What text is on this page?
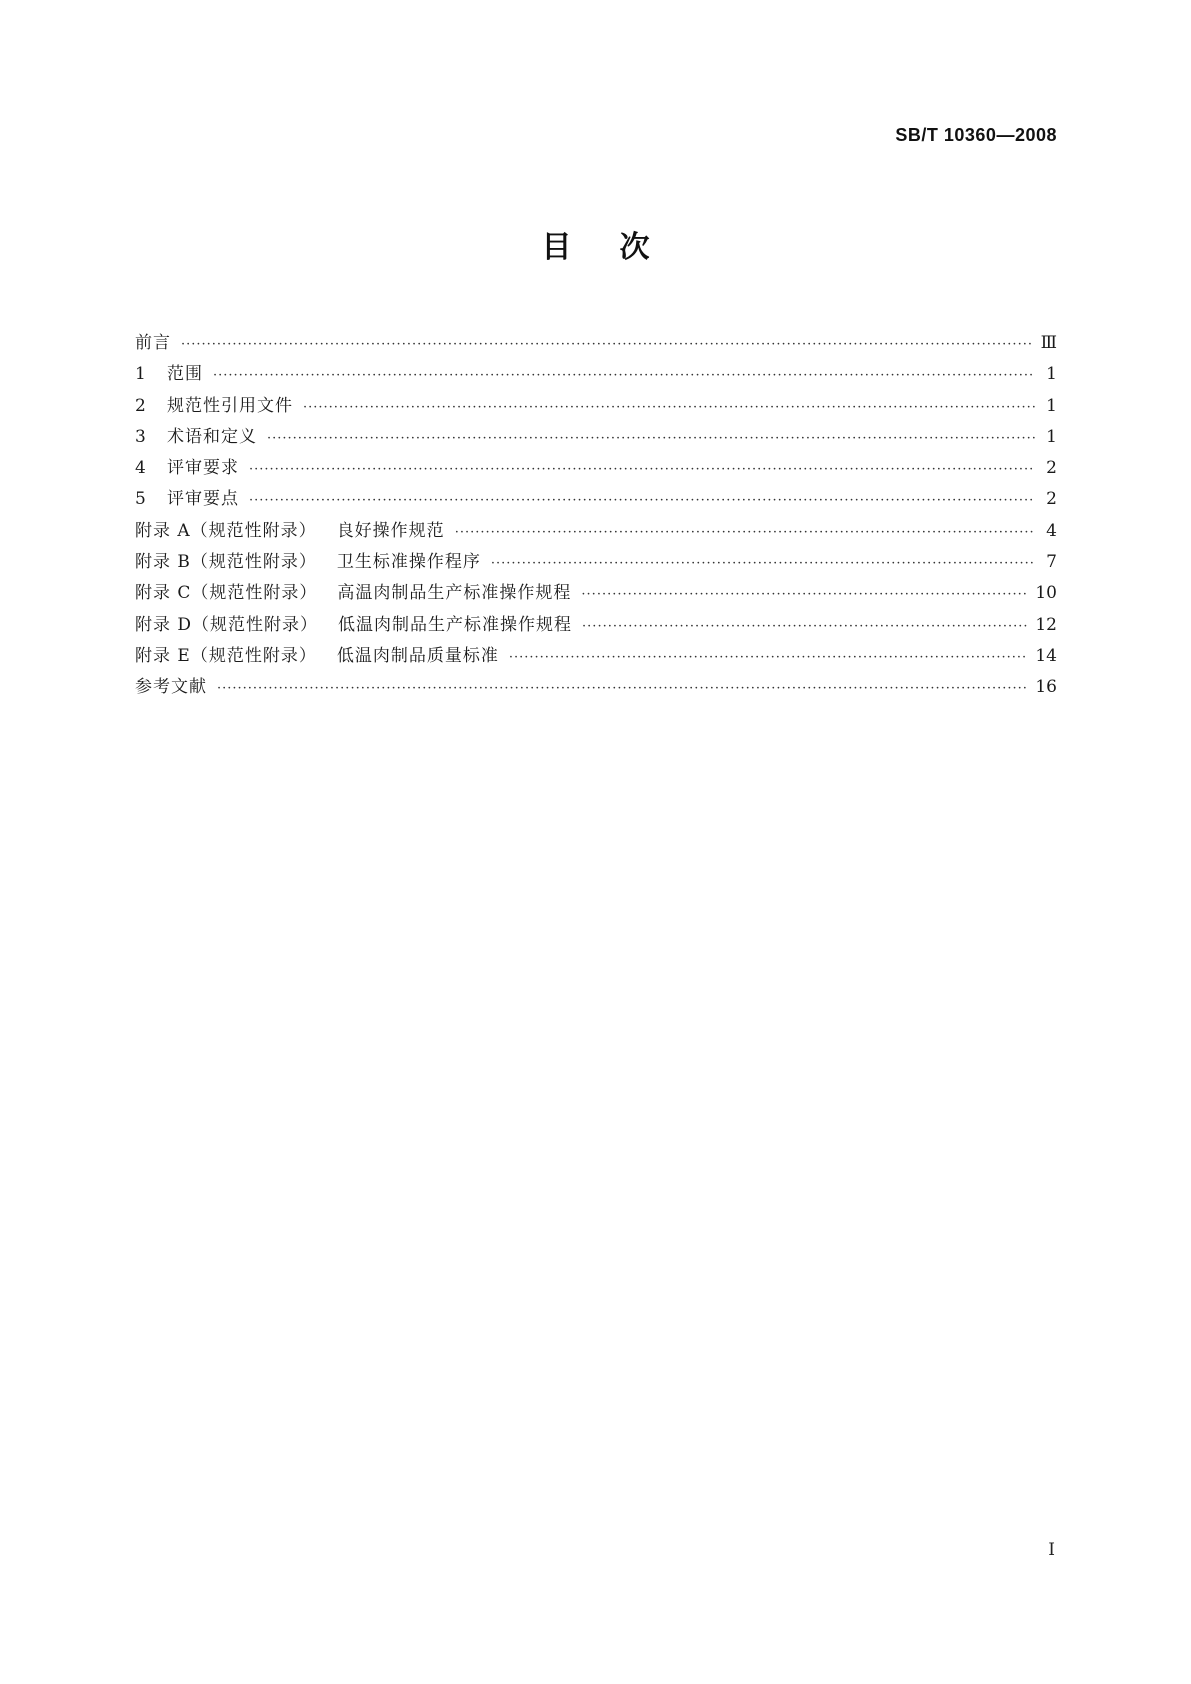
SB/T 10360—2008
目次
前言 ·····	Ⅲ
1	范围 ·····	1
2	规范性引用文件 ·····	1
3	术语和定义 ·····	1
4	评审要求 ·····	2
5	评审要点 ·····	2
附录 A（规范性附录）	良好操作规范 ·····	4
附录 B（规范性附录）	卫生标准操作程序 ·····	7
附录 C（规范性附录）	高温肉制品生产标准操作规程 ·····	10
附录 D（规范性附录）	低温肉制品生产标准操作规程 ·····	12
附录 E（规范性附录）	低温肉制品质量标准 ·····	14
参考文献 ·····	16
I
